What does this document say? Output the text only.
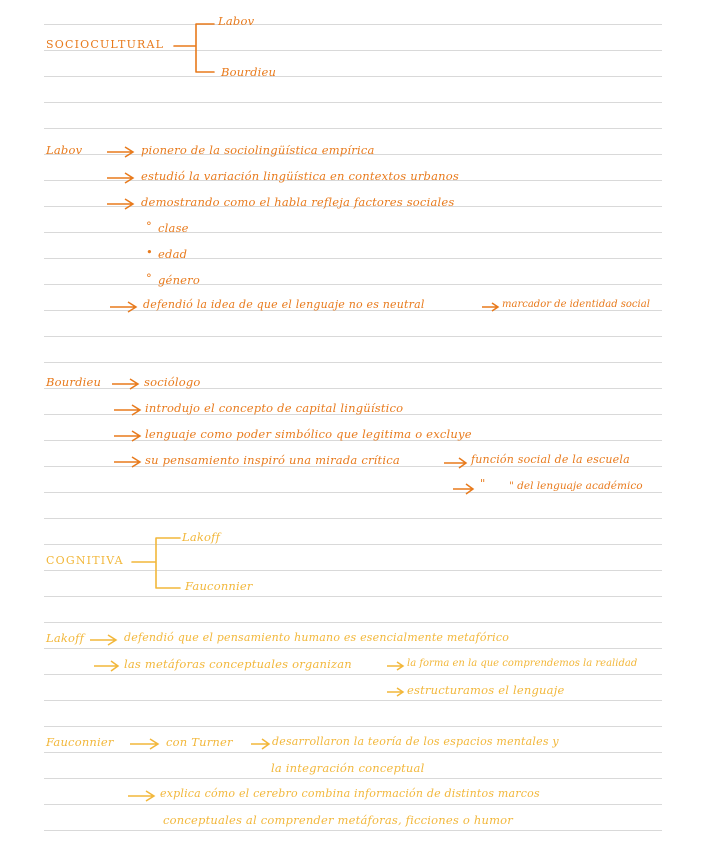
SOCIOCULTURAL
Labov
Bourdieu
Labov	pionero de la sociolingüística empírica
estudió la variación lingüística en contextos urbanos
demostrando como el habla refleja factores sociales
° clase
• edad
° género
defendió la idea de que el lenguaje no es neutral	marcador de identidad social
Bourdieu	sociólogo
introdujo el concepto de capital lingüístico
lenguaje como poder simbólico que legitima o excluye
su pensamiento inspiró una mirada crítica	función social de la escuela
" " del lenguaje académico
COGNITIVA
Lakoff
Fauconnier
Lakoff	defendió que el pensamiento humano es esencialmente metafórico
las metáforas conceptuales organizan	la forma en la que comprendemos la realidad
estructuramos el lenguaje
Fauconnier	con Turner	desarrollaron la teoría de los espacios mentales y
la integración conceptual
explica cómo el cerebro combina información de distintos marcos
conceptuales al comprender metáforas, ficciones o humor
